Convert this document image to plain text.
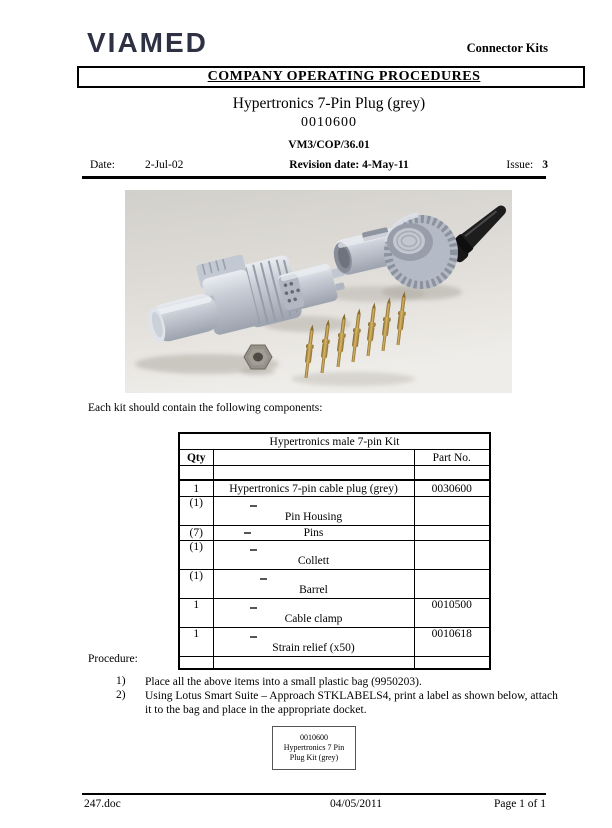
VIAMED	Connector Kits
COMPANY OPERATING PROCEDURES
Hypertronics 7-Pin Plug (grey)
0010600
VM3/COP/36.01
Date:	2-Jul-02	Revision date: 4-May-11	Issue: 3
Each kit should contain the following components:
Hypertronics male 7-pin Kit		
Qty		Part No.

1	Hypertronics 7-pin cable plug (grey)	0030600
(1)	Pin Housing	
(7)	Pins	
(1)	Collett	
(1)	Barrel	
1	Cable clamp	0010500
1	Strain relief (x50)	0010618

Procedure:
1) Place all the above items into a small plastic bag (9950203).
2) Using Lotus Smart Suite – Approach STKLABELS4, print a label as shown below, attach it to the bag and place in the appropriate docket.
0010600
Hypertronics 7 Pin
Plug Kit (grey)
247.doc	04/05/2011	Page 1 of 1
